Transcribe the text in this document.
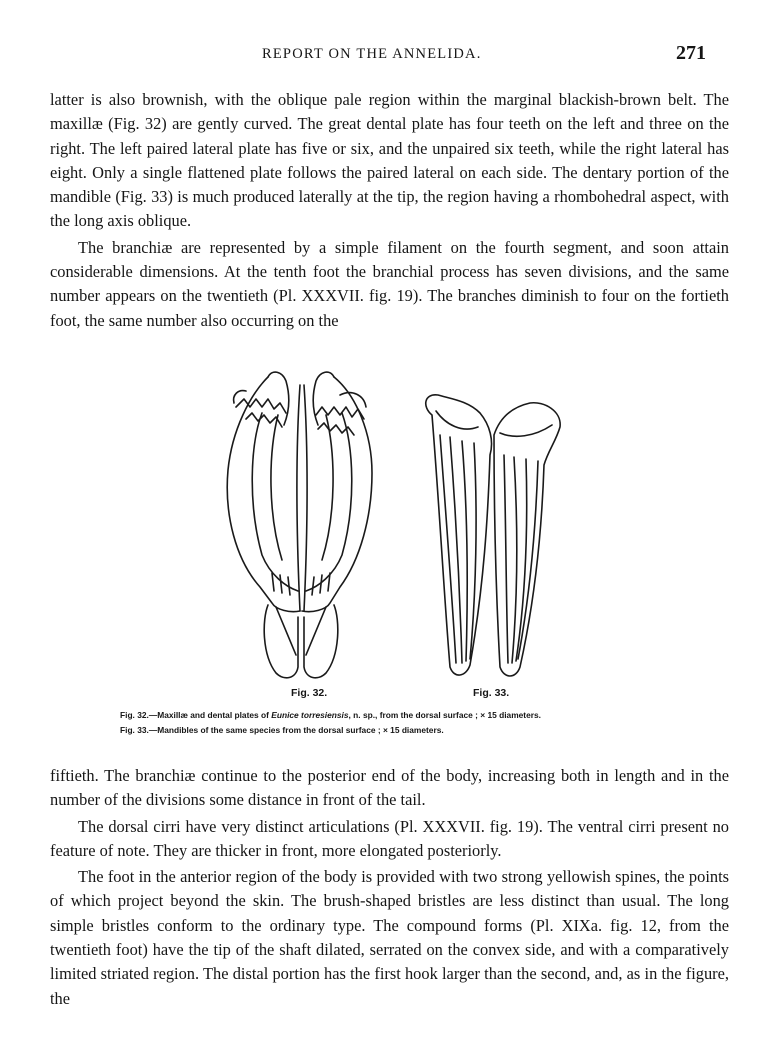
REPORT ON THE ANNELIDA.	271

latter is also brownish, with the oblique pale region within the marginal blackish-brown belt. The maxillæ (Fig. 32) are gently curved. The great dental plate has four teeth on the left and three on the right. The left paired lateral plate has five or six, and the unpaired six teeth, while the right lateral has eight. Only a single flattened plate follows the paired lateral on each side. The dentary portion of the mandible (Fig. 33) is much produced laterally at the tip, the region having a rhombohedral aspect, with the long axis oblique.

The branchiæ are represented by a simple filament on the fourth segment, and soon attain considerable dimensions. At the tenth foot the branchial process has seven divisions, and the same number appears on the twentieth (Pl. XXXVII. fig. 19). The branches diminish to four on the fortieth foot, the same number also occurring on the

Fig. 32.	Fig. 33.
Fig. 32.—Maxillæ and dental plates of Eunice torresiensis, n. sp., from the dorsal surface ; × 15 diameters.
Fig. 33.—Mandibles of the same species from the dorsal surface ; × 15 diameters.

fiftieth. The branchiæ continue to the posterior end of the body, increasing both in length and in the number of the divisions some distance in front of the tail.

The dorsal cirri have very distinct articulations (Pl. XXXVII. fig. 19). The ventral cirri present no feature of note. They are thicker in front, more elongated posteriorly.

The foot in the anterior region of the body is provided with two strong yellowish spines, the points of which project beyond the skin. The brush-shaped bristles are less distinct than usual. The long simple bristles conform to the ordinary type. The compound forms (Pl. XIXa. fig. 12, from the twentieth foot) have the tip of the shaft dilated, serrated on the convex side, and with a comparatively limited striated region. The distal portion has the first hook larger than the second, and, as in the figure, the
